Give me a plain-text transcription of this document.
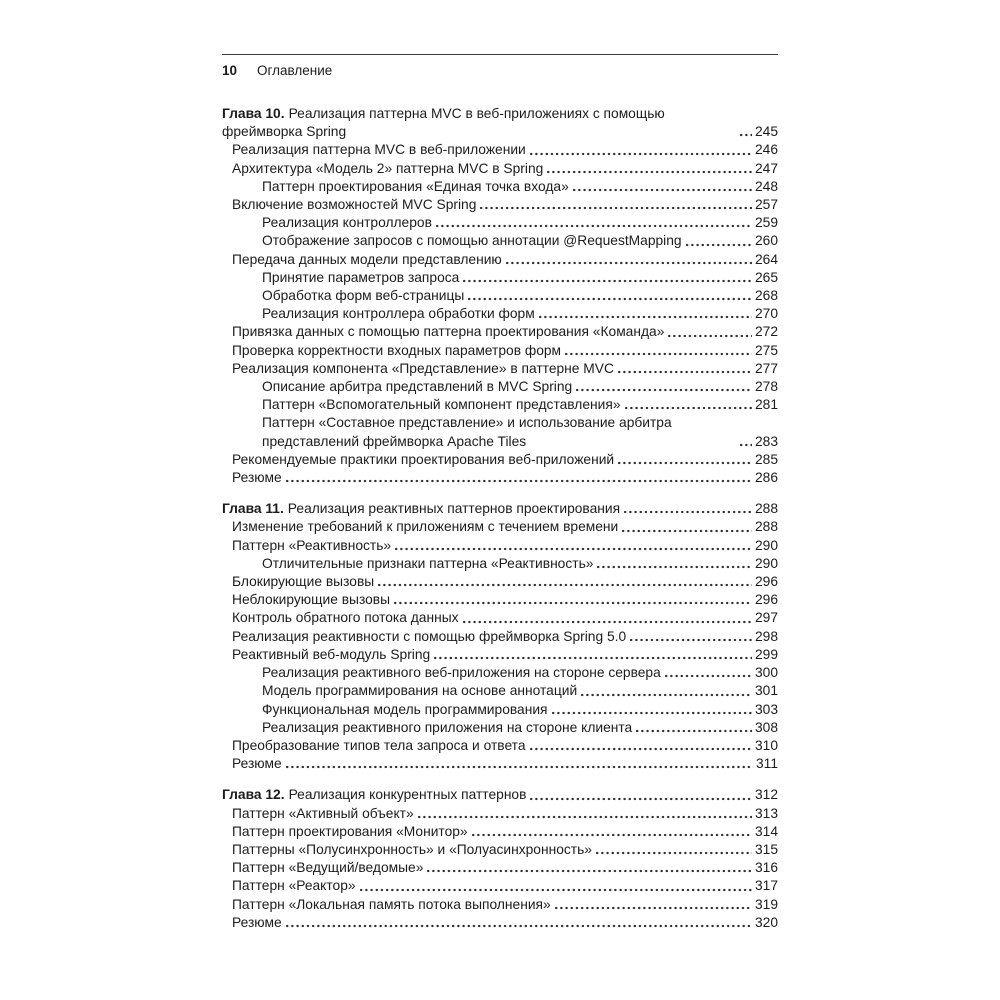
10 Оглавление
Глава 10. Реализация паттерна MVC в веб-приложениях с помощью фреймворка Spring	245
Реализация паттерна MVC в веб-приложении	246
Архитектура «Модель 2» паттерна MVC в Spring	247
Паттерн проектирования «Единая точка входа»	248
Включение возможностей MVC Spring	257
Реализация контроллеров	259
Отображение запросов с помощью аннотации @RequestMapping	260
Передача данных модели представлению	264
Принятие параметров запроса	265
Обработка форм веб-страницы	268
Реализация контроллера обработки форм	270
Привязка данных с помощью паттерна проектирования «Команда»	272
Проверка корректности входных параметров форм	275
Реализация компонента «Представление» в паттерне MVC	277
Описание арбитра представлений в MVC Spring	278
Паттерн «Вспомогательный компонент представления»	281
Паттерн «Составное представление» и использование арбитра представлений фреймворка Apache Tiles	283
Рекомендуемые практики проектирования веб-приложений	285
Резюме	286
Глава 11. Реализация реактивных паттернов проектирования	288
Изменение требований к приложениям с течением времени	288
Паттерн «Реактивность»	290
Отличительные признаки паттерна «Реактивность»	290
Блокирующие вызовы	296
Неблокирующие вызовы	296
Контроль обратного потока данных	297
Реализация реактивности с помощью фреймворка Spring 5.0	298
Реактивный веб-модуль Spring	299
Реализация реактивного веб-приложения на стороне сервера	300
Модель программирования на основе аннотаций	301
Функциональная модель программирования	303
Реализация реактивного приложения на стороне клиента	308
Преобразование типов тела запроса и ответа	310
Резюме	311
Глава 12. Реализация конкурентных паттернов	312
Паттерн «Активный объект»	313
Паттерн проектирования «Монитор»	314
Паттерны «Полусинхронность» и «Полуасинхронность»	315
Паттерн «Ведущий/ведомые»	316
Паттерн «Реактор»	317
Паттерн «Локальная память потока выполнения»	319
Резюме	320
